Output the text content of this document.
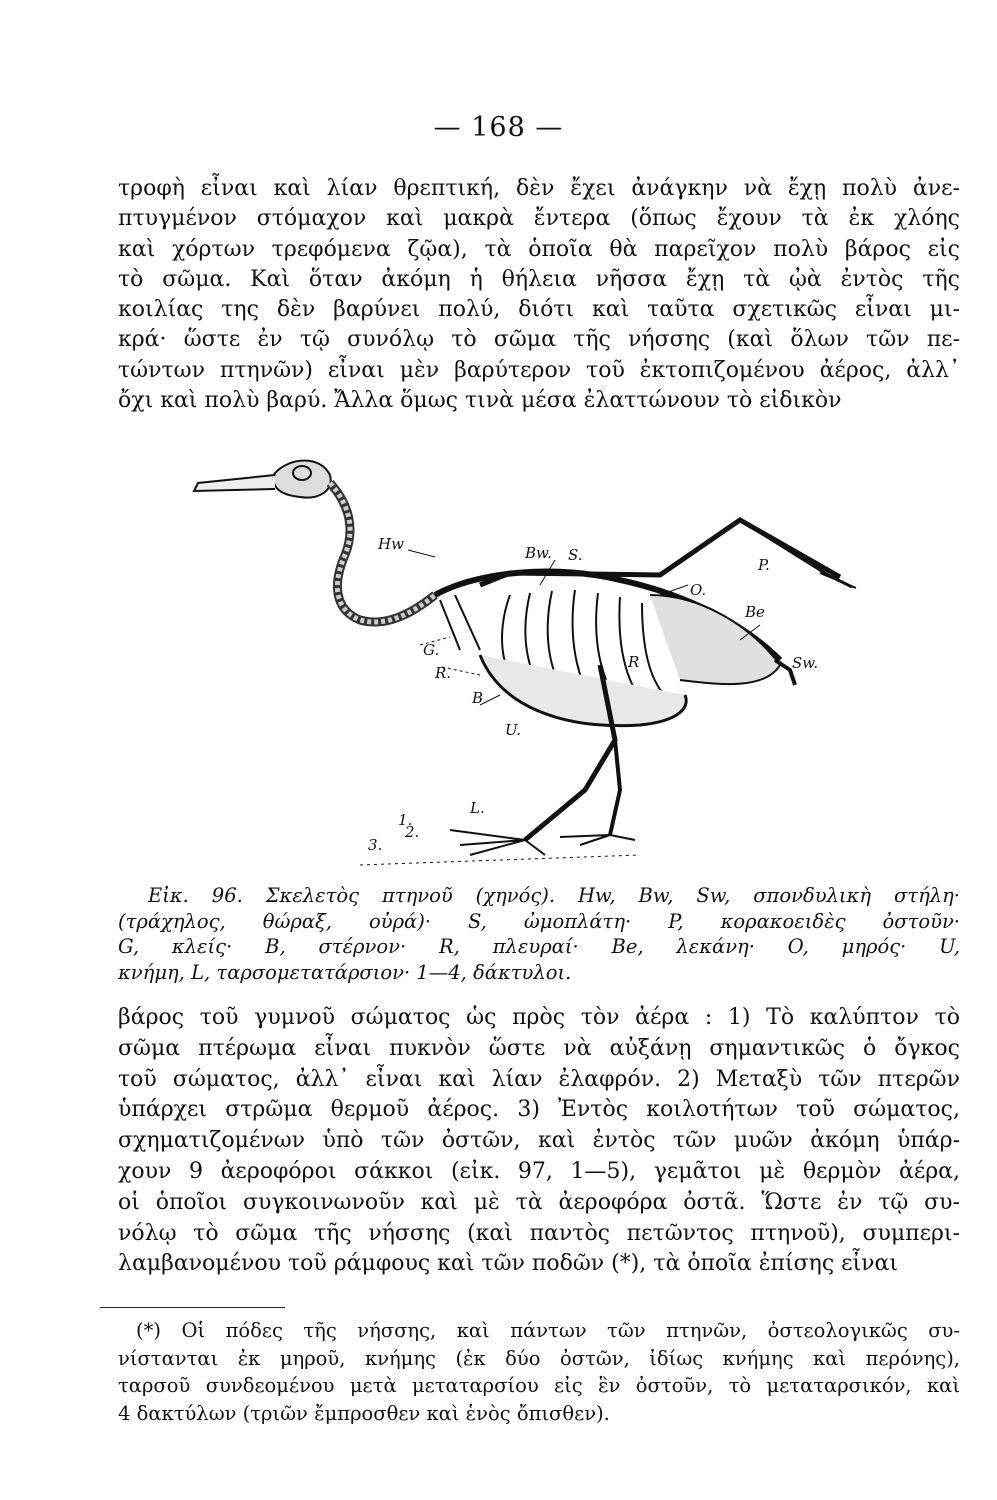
— 168 —
τροφὴ εἶναι καὶ λίαν θρεπτική, δὲν ἔχει ἀνάγκην νὰ ἔχῃ πολὺ ἀνε-
πτυγμένον στόμαχον καὶ μακρὰ ἔντερα (ὅπως ἔχουν τὰ ἐκ χλόης
καὶ χόρτων τρεφόμενα ζῷα), τὰ ὁποῖα θὰ παρεῖχον πολὺ βάρος εἰς
τὸ σῶμα. Καὶ ὅταν ἀκόμη ἡ θήλεια νῆσσα ἔχῃ τὰ ᾠὰ ἐντὸς τῆς
κοιλίας της δὲν βαρύνει πολύ, διότι καὶ ταῦτα σχετικῶς εἶναι μι-
κρά· ὥστε ἐν τῷ συνόλῳ τὸ σῶμα τῆς νήσσης (καὶ ὅλων τῶν πε-
τώντων πτηνῶν) εἶναι μὲν βαρύτερον τοῦ ἐκτοπιζομένου ἀέρος, ἀλλ᾽
ὄχι καὶ πολὺ βαρύ. Ἄλλα ὅμως τινὰ μέσα ἐλαττώνουν τὸ εἰδικὸν
Hw	Bw. S.
O.
Be
Sw.
P.
G.
R.
R
B
U.
L.
1.
2.
3.
Εἰκ. 96. Σκελετὸς πτηνοῦ (χηνός). Hw, Bw, Sw, σπονδυλικὴ στήλη·
(τράχηλος, θώραξ, οὐρά)· S, ὠμοπλάτη· P, κορακοειδὲς ὀστοῦν·
G, κλείς· B, στέρνον· R, πλευραί· Be, λεκάνη· O, μηρός· U,
κνήμη, L, ταρσομετατάρσιον· 1—4, δάκτυλοι.
βάρος τοῦ γυμνοῦ σώματος ὡς πρὸς τὸν ἀέρα : 1) Τὸ καλύπτον τὸ
σῶμα πτέρωμα εἶναι πυκνὸν ὥστε νὰ αὐξάνῃ σημαντικῶς ὁ ὄγκος
τοῦ σώματος, ἀλλ᾽ εἶναι καὶ λίαν ἐλαφρόν. 2) Μεταξὺ τῶν πτερῶν
ὑπάρχει στρῶμα θερμοῦ ἀέρος. 3) Ἐντὸς κοιλοτήτων τοῦ σώματος,
σχηματιζομένων ὑπὸ τῶν ὀστῶν, καὶ ἐντὸς τῶν μυῶν ἀκόμη ὑπάρ-
χουν 9 ἀεροφόροι σάκκοι (εἰκ. 97, 1—5), γεμᾶτοι μὲ θερμὸν ἀέρα,
οἱ ὁποῖοι συγκοινωνοῦν καὶ μὲ τὰ ἀεροφόρα ὀστᾶ. Ὥστε ἐν τῷ συ-
νόλῳ τὸ σῶμα τῆς νήσσης (καὶ παντὸς πετῶντος πτηνοῦ), συμπερι-
λαμβανομένου τοῦ ράμφους καὶ τῶν ποδῶν (*), τὰ ὁποῖα ἐπίσης εἶναι
(*) Οἱ πόδες τῆς νήσσης, καὶ πάντων τῶν πτηνῶν, ὀστεολογικῶς συ-
νίστανται ἐκ μηροῦ, κνήμης (ἐκ δύο ὀστῶν, ἰδίως κνήμης καὶ περόνης),
ταρσοῦ συνδεομένου μετὰ μεταταρσίου εἰς ἓν ὀστοῦν, τὸ μεταταρσικόν, καὶ
4 δακτύλων (τριῶν ἔμπροσθεν καὶ ἑνὸς ὄπισθεν).
